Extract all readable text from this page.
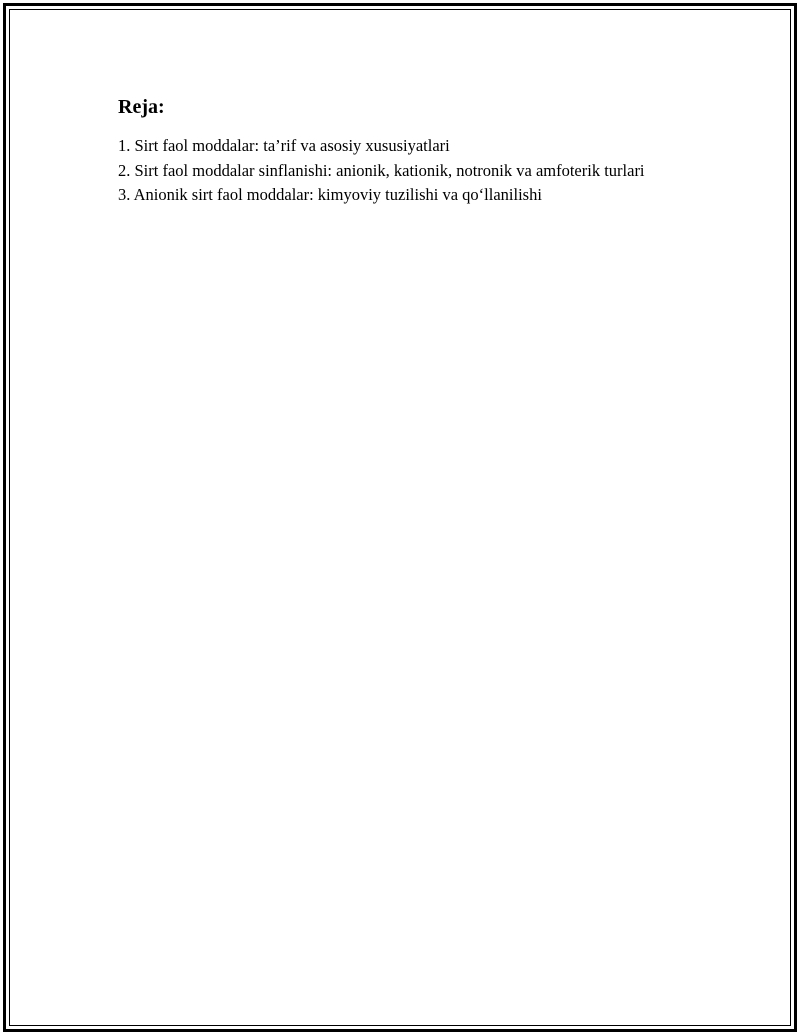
Reja:
1. Sirt faol moddalar: ta’rif va asosiy xususiyatlari
2. Sirt faol moddalar sinflanishi: anionik, kationik, notronik va amfoterik turlari
3. Anionik sirt faol moddalar: kimyoviy tuzilishi va qo‘llanilishi
